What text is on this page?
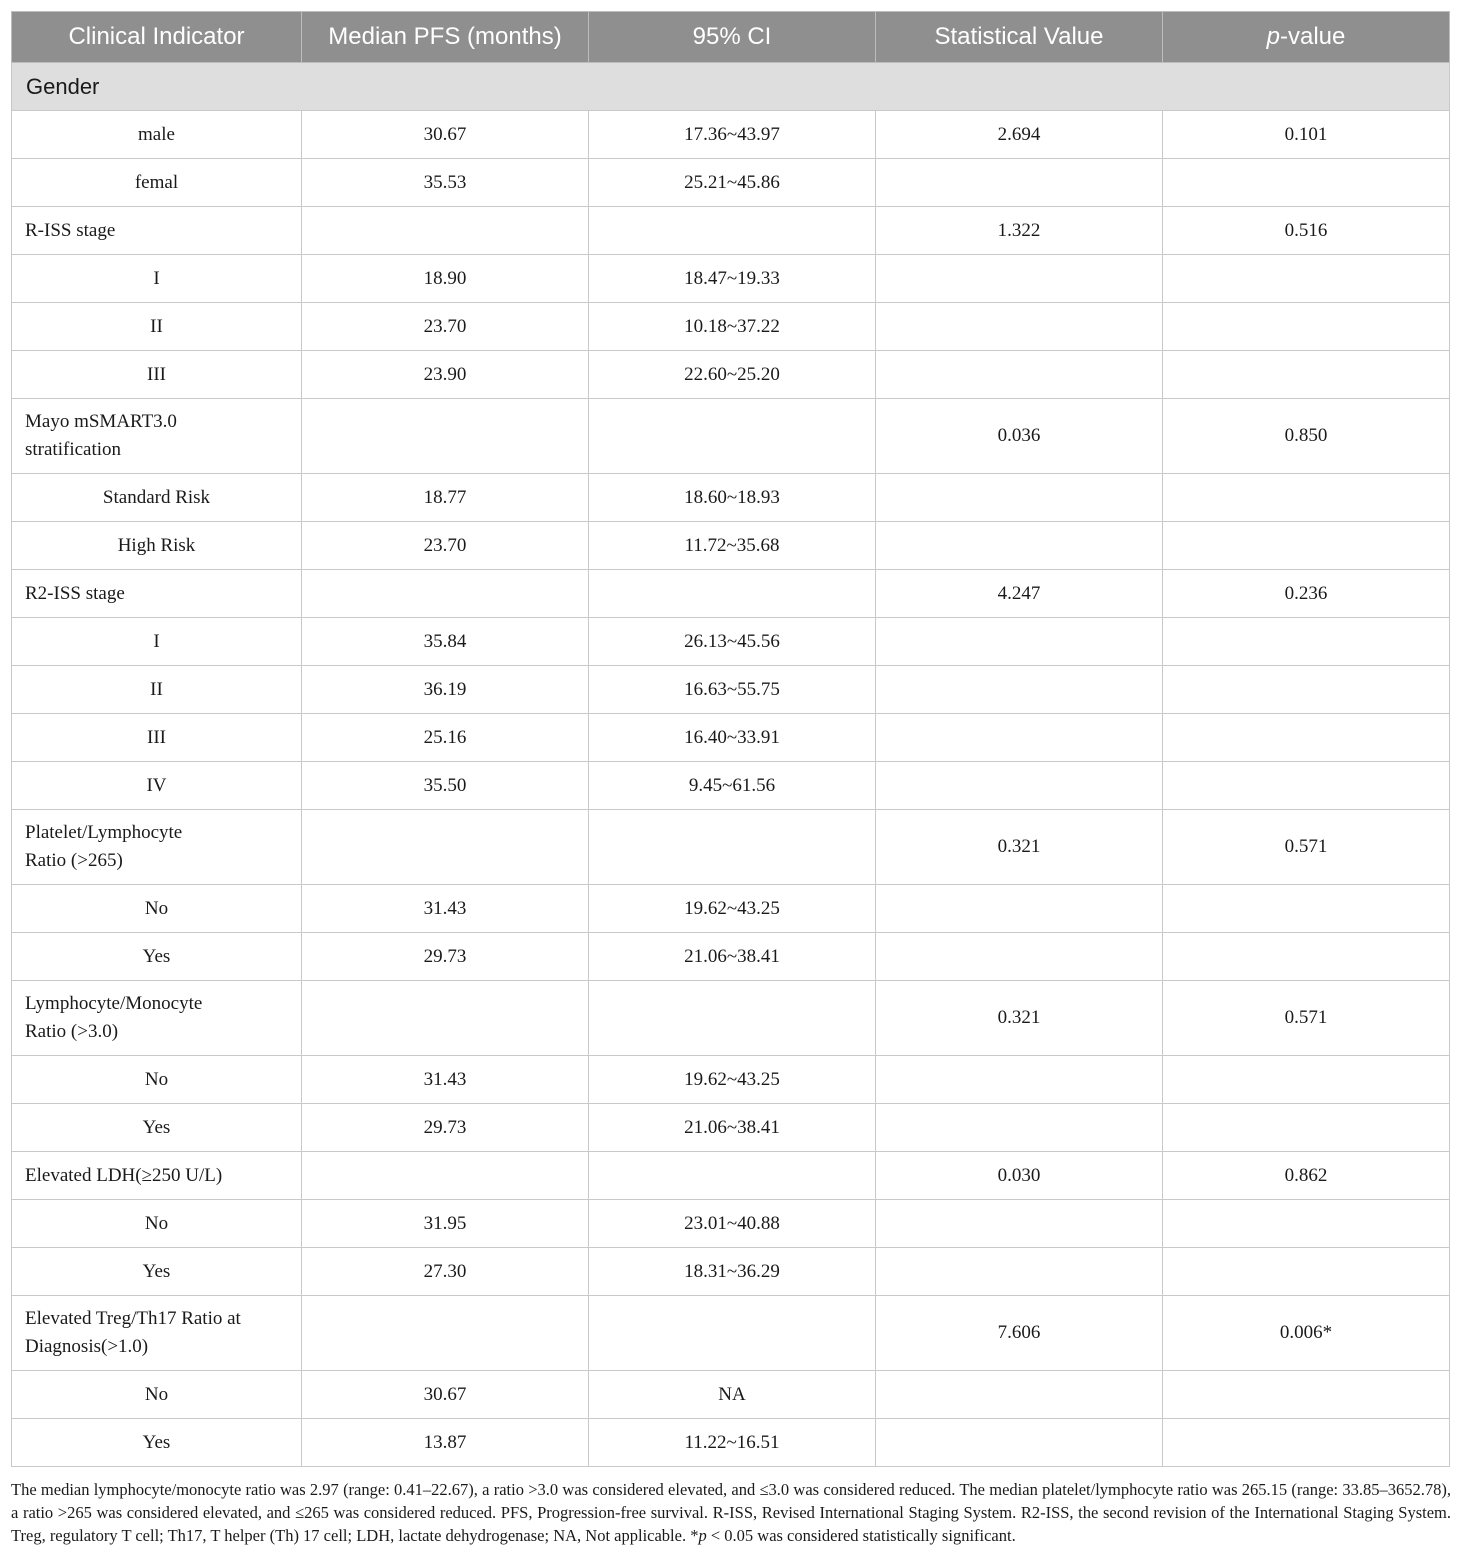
Clinical Indicator	Median PFS (months)	95% CI	Statistical Value	p-value
Gender				
male	30.67	17.36~43.97	2.694	0.101
femal	35.53	25.21~45.86		
R-ISS stage			1.322	0.516
I	18.90	18.47~19.33		
II	23.70	10.18~37.22		
III	23.90	22.60~25.20		
Mayo mSMART3.0
stratification			0.036	0.850
Standard Risk	18.77	18.60~18.93		
High Risk	23.70	11.72~35.68		
R2-ISS stage			4.247	0.236
I	35.84	26.13~45.56		
II	36.19	16.63~55.75		
III	25.16	16.40~33.91		
IV	35.50	9.45~61.56		
Platelet/Lymphocyte
Ratio (>265)			0.321	0.571
No	31.43	19.62~43.25		
Yes	29.73	21.06~38.41		
Lymphocyte/Monocyte
Ratio (>3.0)			0.321	0.571
No	31.43	19.62~43.25		
Yes	29.73	21.06~38.41		
Elevated LDH(≥250 U/L)			0.030	0.862
No	31.95	23.01~40.88		
Yes	27.30	18.31~36.29		
Elevated Treg/Th17 Ratio at
Diagnosis(>1.0)			7.606	0.006*
No	30.67	NA		
Yes	13.87	11.22~16.51		

The median lymphocyte/monocyte ratio was 2.97 (range: 0.41–22.67), a ratio >3.0 was considered elevated, and ≤3.0 was considered reduced. The median platelet/lymphocyte ratio was 265.15 (range: 33.85–3652.78), a ratio >265 was considered elevated, and ≤265 was considered reduced. PFS, Progression-free survival. R-ISS, Revised International Staging System. R2-ISS, the second revision of the International Staging System. Treg, regulatory T cell; Th17, T helper (Th) 17 cell; LDH, lactate dehydrogenase; NA, Not applicable. *p < 0.05 was considered statistically significant.
